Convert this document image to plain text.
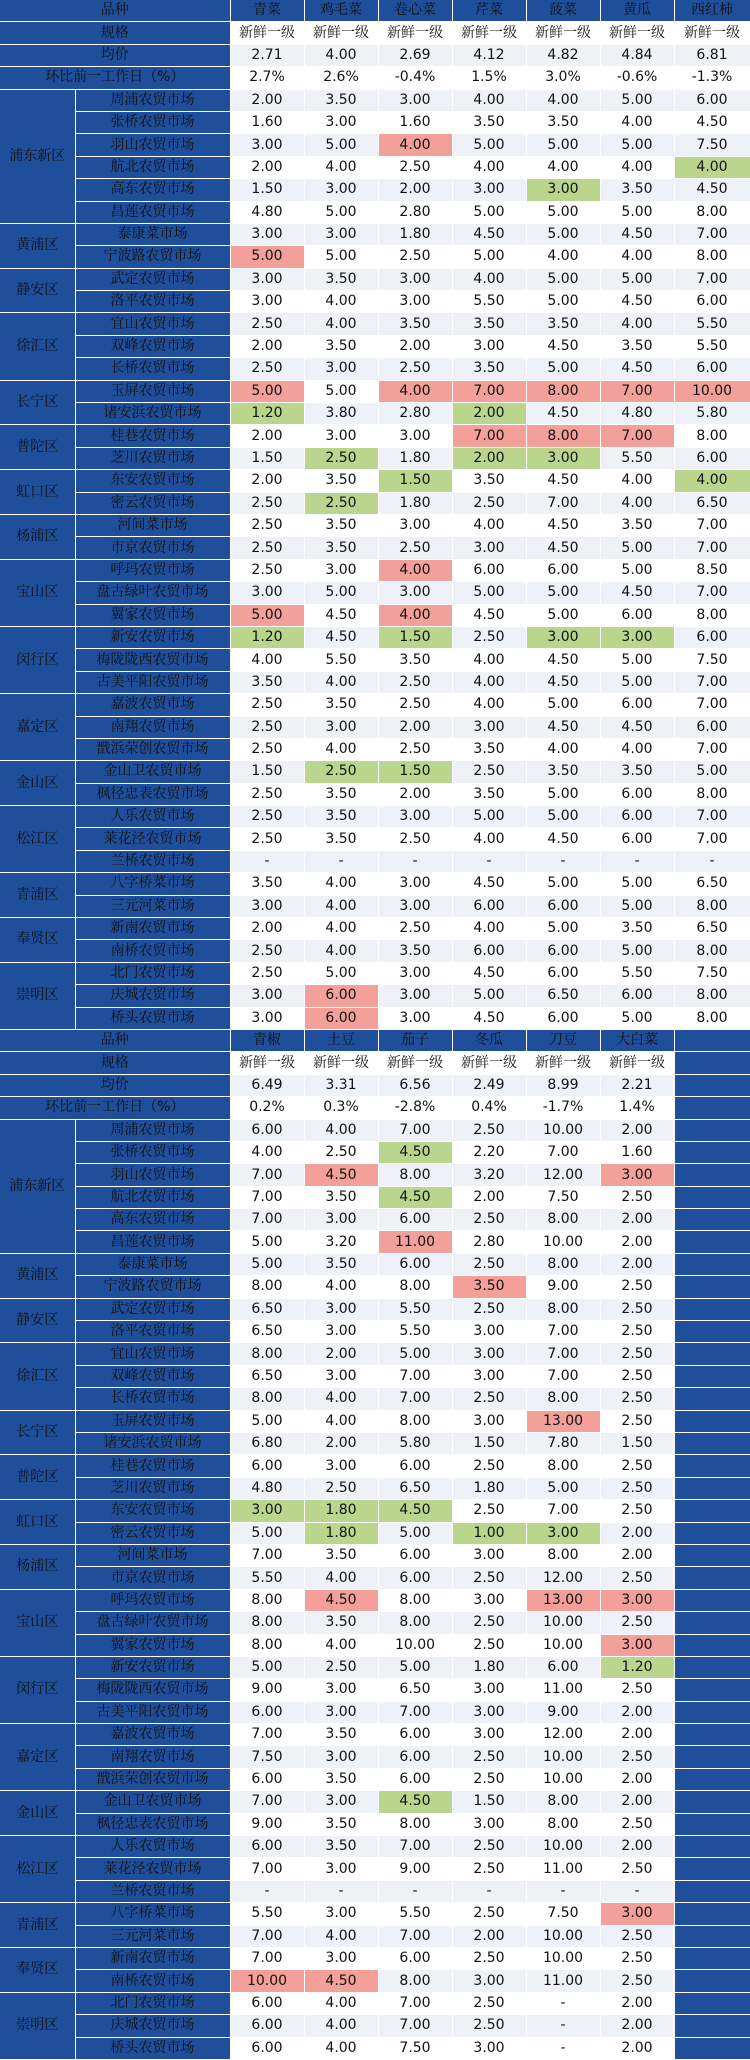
品种		青菜	鸡毛菜	卷心菜	芹菜	菠菜	黄瓜	西红柿
规格		新鲜一级	新鲜一级	新鲜一级	新鲜一级	新鲜一级	新鲜一级	新鲜一级
均价		2.71	4.00	2.69	4.12	4.82	4.84	6.81
环比前一工作日（%）		2.7%	2.6%	-0.4%	1.5%	3.0%	-0.6%	-1.3%
浦东新区	周浦农贸市场	2.00	3.50	3.00	4.00	4.00	5.00	6.00
	张桥农贸市场	1.60	3.00	1.60	3.50	3.50	4.00	4.50
	羽山农贸市场	3.00	5.00	4.00	5.00	5.00	5.00	7.50
	航北农贸市场	2.00	4.00	2.50	4.00	4.00	4.00	4.00
	高东农贸市场	1.50	3.00	2.00	3.00	3.00	3.50	4.50
	昌莲农贸市场	4.80	5.00	2.80	5.00	5.00	5.00	8.00
黄浦区	泰康菜市场	3.00	3.00	1.80	4.50	5.00	4.50	7.00
	宁波路农贸市场	5.00	5.00	2.50	5.00	4.00	4.00	8.00
静安区	武定农贸市场	3.00	3.50	3.00	4.00	5.00	5.00	7.00
	洛平农贸市场	3.00	4.00	3.00	5.50	5.00	4.50	6.00
徐汇区	宜山农贸市场	2.50	4.00	3.50	3.50	3.50	4.00	5.50
	双峰农贸市场	2.00	3.50	2.00	3.00	4.50	3.50	5.50
	长桥农贸市场	2.50	3.00	2.50	3.50	5.00	4.50	6.00
长宁区	玉屏农贸市场	5.00	5.00	4.00	7.00	8.00	7.00	10.00
	诸安浜农贸市场	1.20	3.80	2.80	2.00	4.50	4.80	5.80
普陀区	桂巷农贸市场	2.00	3.00	3.00	7.00	8.00	7.00	8.00
	芝川农贸市场	1.50	2.50	1.80	2.00	3.00	5.50	6.00
虹口区	东安农贸市场	2.00	3.50	1.50	3.50	4.50	4.00	4.00
	密云农贸市场	2.50	2.50	1.80	2.50	7.00	4.00	6.50
杨浦区	河间菜市场	2.50	3.50	3.00	4.00	4.50	3.50	7.00
	市京农贸市场	2.50	3.50	2.50	3.00	4.50	5.00	7.00
宝山区	呼玛农贸市场	2.50	3.00	4.00	6.00	6.00	5.00	8.50
	盘古绿叶农贸市场	3.00	5.00	3.00	5.00	5.00	4.50	7.00
	翼家农贸市场	5.00	4.50	4.00	4.50	5.00	6.00	8.00
闵行区	新安农贸市场	1.20	4.50	1.50	2.50	3.00	3.00	6.00
	梅陇陇西农贸市场	4.00	5.50	3.50	4.00	4.50	5.00	7.50
	古美平阳农贸市场	3.50	4.00	2.50	4.00	4.50	5.00	7.00
嘉定区	嘉波农贸市场	2.50	3.50	2.50	4.00	5.00	6.00	7.00
	南翔农贸市场	2.50	3.00	2.00	3.00	4.50	4.50	6.00
	戬浜荣创农贸市场	2.50	4.00	2.50	3.50	4.00	4.00	7.00
金山区	金山卫农贸市场	1.50	2.50	1.50	2.50	3.50	3.50	5.00
	枫径忠表农贸市场	2.50	3.50	2.00	3.50	5.00	6.00	8.00
松江区	人乐农贸市场	2.50	3.50	3.00	5.00	5.00	6.00	7.00
	莱花泾农贸市场	2.50	3.50	2.50	4.00	4.50	6.00	7.00
	兰桥农贸市场	-	-	-	-	-	-	-
青浦区	八字桥菜市场	3.50	4.00	3.00	4.50	5.00	5.00	6.50
	三元河菜市场	3.00	4.00	3.00	6.00	6.00	5.00	8.00
奉贤区	新南农贸市场	2.00	4.00	2.50	4.00	5.00	3.50	6.50
	南桥农贸市场	2.50	4.00	3.50	6.00	6.00	5.00	8.00
崇明区	北门农贸市场	2.50	5.00	3.00	4.50	6.00	5.50	7.50
	庆城农贸市场	3.00	6.00	3.00	5.00	6.50	6.00	8.00
	桥头农贸市场	3.00	6.00	3.00	4.50	6.00	5.00	8.00
品种		青椒	土豆	茄子	冬瓜	刀豆	大白菜	
规格		新鲜一级	新鲜一级	新鲜一级	新鲜一级	新鲜一级	新鲜一级	
均价		6.49	3.31	6.56	2.49	8.99	2.21	
环比前一工作日（%）		0.2%	0.3%	-2.8%	0.4%	-1.7%	1.4%	
浦东新区	周浦农贸市场	6.00	4.00	7.00	2.50	10.00	2.00	
	张桥农贸市场	4.00	2.50	4.50	2.20	7.00	1.60	
	羽山农贸市场	7.00	4.50	8.00	3.20	12.00	3.00	
	航北农贸市场	7.00	3.50	4.50	2.00	7.50	2.50	
	高东农贸市场	7.00	3.00	6.00	2.50	8.00	2.00	
	昌莲农贸市场	5.00	3.20	11.00	2.80	10.00	2.00	
黄浦区	泰康菜市场	5.00	3.50	6.00	2.50	8.00	2.00	
	宁波路农贸市场	8.00	4.00	8.00	3.50	9.00	2.50	
静安区	武定农贸市场	6.50	3.00	5.50	2.50	8.00	2.50	
	洛平农贸市场	6.50	3.00	5.50	3.00	7.00	2.50	
徐汇区	宜山农贸市场	8.00	2.00	5.00	3.00	7.00	2.50	
	双峰农贸市场	6.50	3.00	7.00	3.00	7.00	2.50	
	长桥农贸市场	8.00	4.00	7.00	2.50	8.00	2.50	
长宁区	玉屏农贸市场	5.00	4.00	8.00	3.00	13.00	2.50	
	诸安浜农贸市场	6.80	2.00	5.80	1.50	7.80	1.50	
普陀区	桂巷农贸市场	6.00	3.00	6.00	2.50	8.00	2.50	
	芝川农贸市场	4.80	2.50	6.50	1.80	5.00	2.50	
虹口区	东安农贸市场	3.00	1.80	4.50	2.50	7.00	2.50	
	密云农贸市场	5.00	1.80	5.00	1.00	3.00	2.00	
杨浦区	河间菜市场	7.00	3.50	6.00	3.00	8.00	2.00	
	市京农贸市场	5.50	4.00	6.00	2.50	12.00	2.50	
宝山区	呼玛农贸市场	8.00	4.50	8.00	3.00	13.00	3.00	
	盘古绿叶农贸市场	8.00	3.50	8.00	2.50	10.00	2.50	
	翼家农贸市场	8.00	4.00	10.00	2.50	10.00	3.00	
闵行区	新安农贸市场	5.00	2.50	5.00	1.80	6.00	1.20	
	梅陇陇西农贸市场	9.00	3.00	6.50	3.00	11.00	2.50	
	古美平阳农贸市场	6.00	3.00	7.00	3.00	9.00	2.00	
嘉定区	嘉波农贸市场	7.00	3.50	6.00	3.00	12.00	2.00	
	南翔农贸市场	7.50	3.00	6.00	2.50	10.00	2.50	
	戬浜荣创农贸市场	6.00	3.50	6.00	2.50	10.00	2.00	
金山区	金山卫农贸市场	7.00	3.00	4.50	1.50	8.00	2.00	
	枫径忠表农贸市场	9.00	3.50	8.00	3.00	8.00	2.50	
松江区	人乐农贸市场	6.00	3.50	7.00	2.50	10.00	2.00	
	莱花泾农贸市场	7.00	3.00	9.00	2.50	11.00	2.50	
	兰桥农贸市场	-	-	-	-	-	-	
青浦区	八字桥菜市场	5.50	3.00	5.50	2.50	7.50	3.00	
	三元河菜市场	7.00	4.00	7.00	2.00	10.00	2.50	
奉贤区	新南农贸市场	7.00	3.00	6.00	2.50	10.00	2.50	
	南桥农贸市场	10.00	4.50	8.00	3.00	11.00	2.50	
崇明区	北门农贸市场	6.00	4.00	7.00	2.50	-	2.00	
	庆城农贸市场	6.00	4.00	7.00	2.50	-	2.00	
	桥头农贸市场	6.00	4.00	7.50	3.00	-	2.00	
